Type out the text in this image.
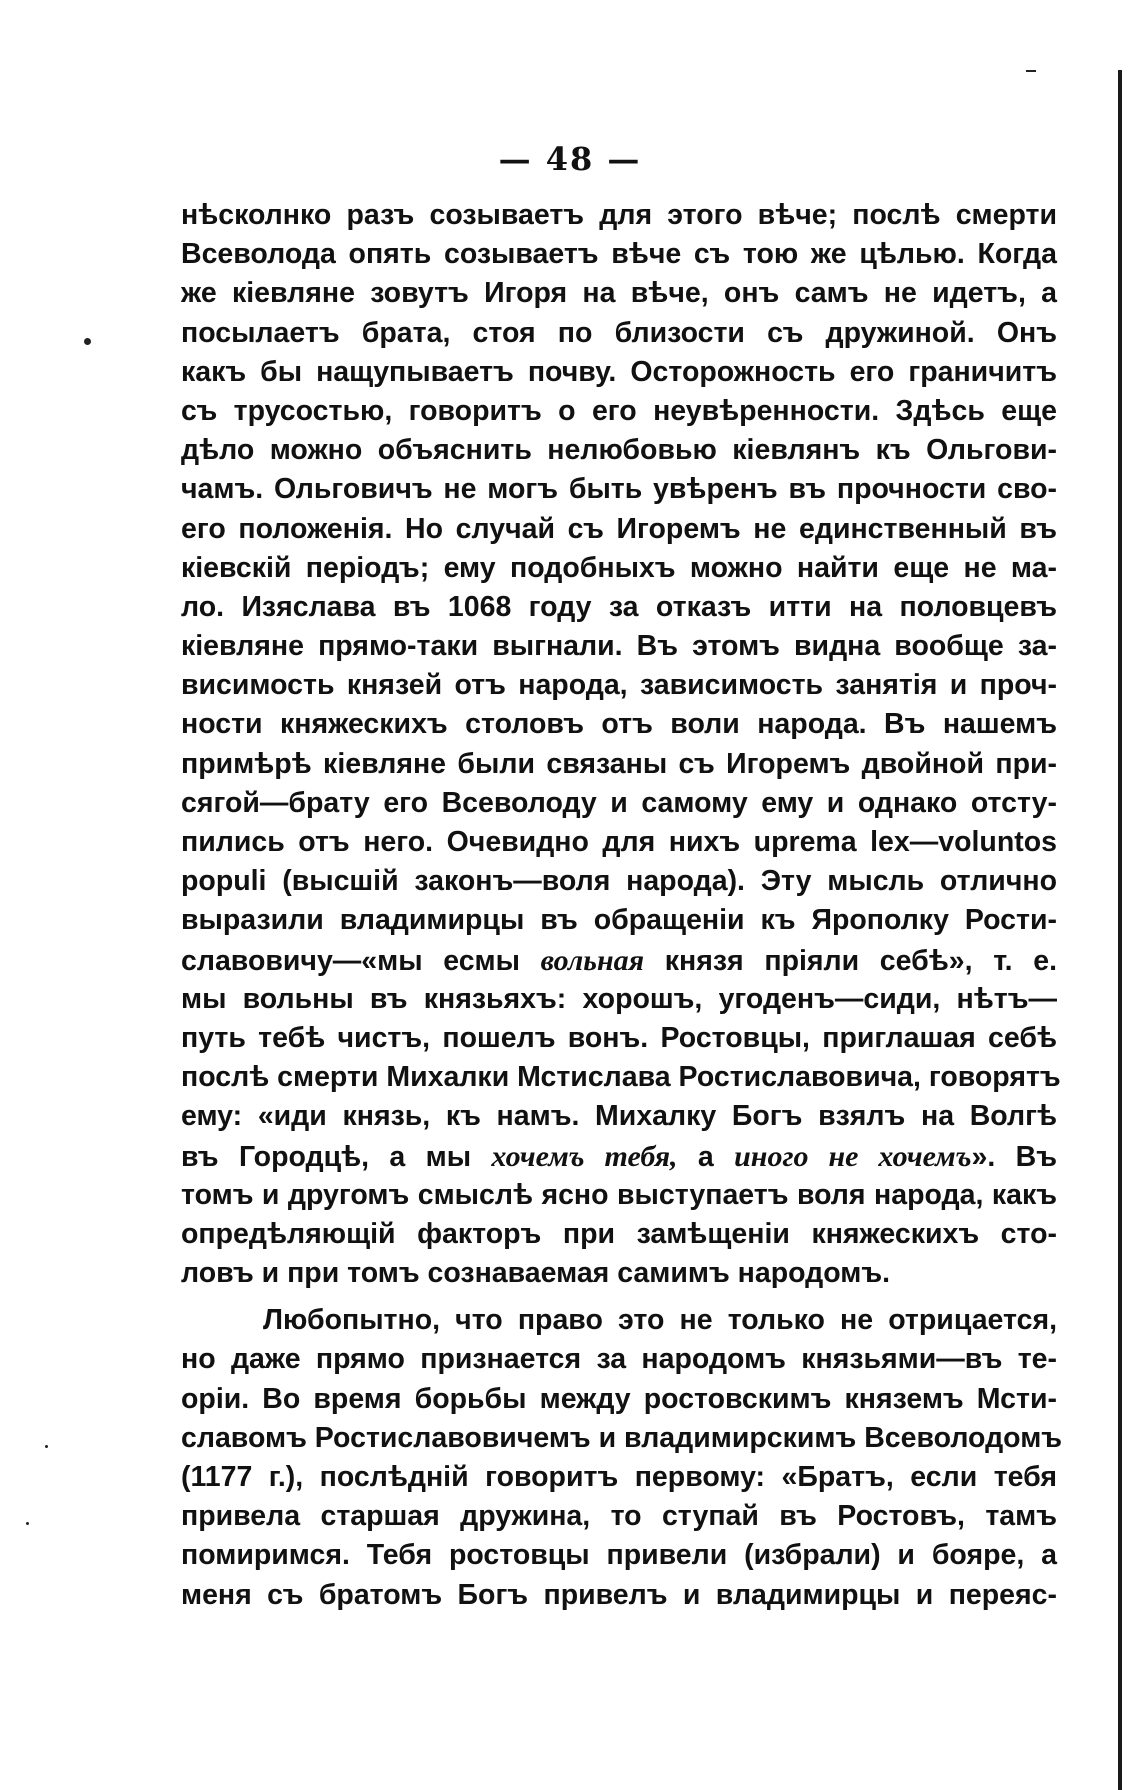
— 48 —
нѣсколнко разъ созываетъ для этого вѣче; послѣ смерти
Всеволода опять созываетъ вѣче съ тою же цѣлью. Когда
же кіевляне зовутъ Игоря на вѣче, онъ самъ не идетъ, а
посылаетъ брата, стоя по близости съ дружиной. Онъ
какъ бы нащупываетъ почву. Осторожность его граничитъ
съ трусостью, говоритъ о его неувѣренности. Здѣсь еще
дѣло можно объяснить нелюбовью кіевлянъ къ Ольгови-
чамъ. Ольговичъ не могъ быть увѣренъ въ прочности сво-
его положенія. Но случай съ Игоремъ не единственный въ
кіевскій періодъ; ему подобныхъ можно найти еще не ма-
ло. Изяслава въ 1068 году за отказъ итти на половцевъ
кіевляне прямо-таки выгнали. Въ этомъ видна вообще за-
висимость князей отъ народа, зависимость занятія и проч-
ности княжескихъ столовъ отъ воли народа. Въ нашемъ
примѣрѣ кіевляне были связаны съ Игоремъ двойной при-
сягой—брату его Всеволоду и самому ему и однако отсту-
пились отъ него. Очевидно для нихъ uprema lex—voluntos
populi (высшій законъ—воля народа). Эту мысль отлично
выразили владимирцы въ обращеніи къ Ярополку Рости-
славовичу—«мы есмы вольная князя пріяли себѣ», т. е.
мы вольны въ князьяхъ: хорошъ, угоденъ—сиди, нѣтъ—
путь тебѣ чистъ, пошелъ вонъ. Ростовцы, приглашая себѣ
послѣ смерти Михалки Мстислава Ростиславовича, говорятъ
ему: «иди князь, къ намъ. Михалку Богъ взялъ на Волгѣ
въ Городцѣ, а мы хочемъ тебя, а иного не хочемъ». Въ
томъ и другомъ смыслѣ ясно выступаетъ воля народа, какъ
опредѣляющій факторъ при замѣщеніи княжескихъ сто-
ловъ и при томъ сознаваемая самимъ народомъ.
Любопытно, что право это не только не отрицается,
но даже прямо признается за народомъ князьями—въ те-
оріи. Во время борьбы между ростовскимъ княземъ Мсти-
славомъ Ростиславовичемъ и владимирскимъ Всеволодомъ
(1177 г.), послѣдній говоритъ первому: «Братъ, если тебя
привела старшая дружина, то ступай въ Ростовъ, тамъ
помиримся. Тебя ростовцы привели (избрали) и бояре, а
меня съ братомъ Богъ привелъ и владимирцы и переяс-
